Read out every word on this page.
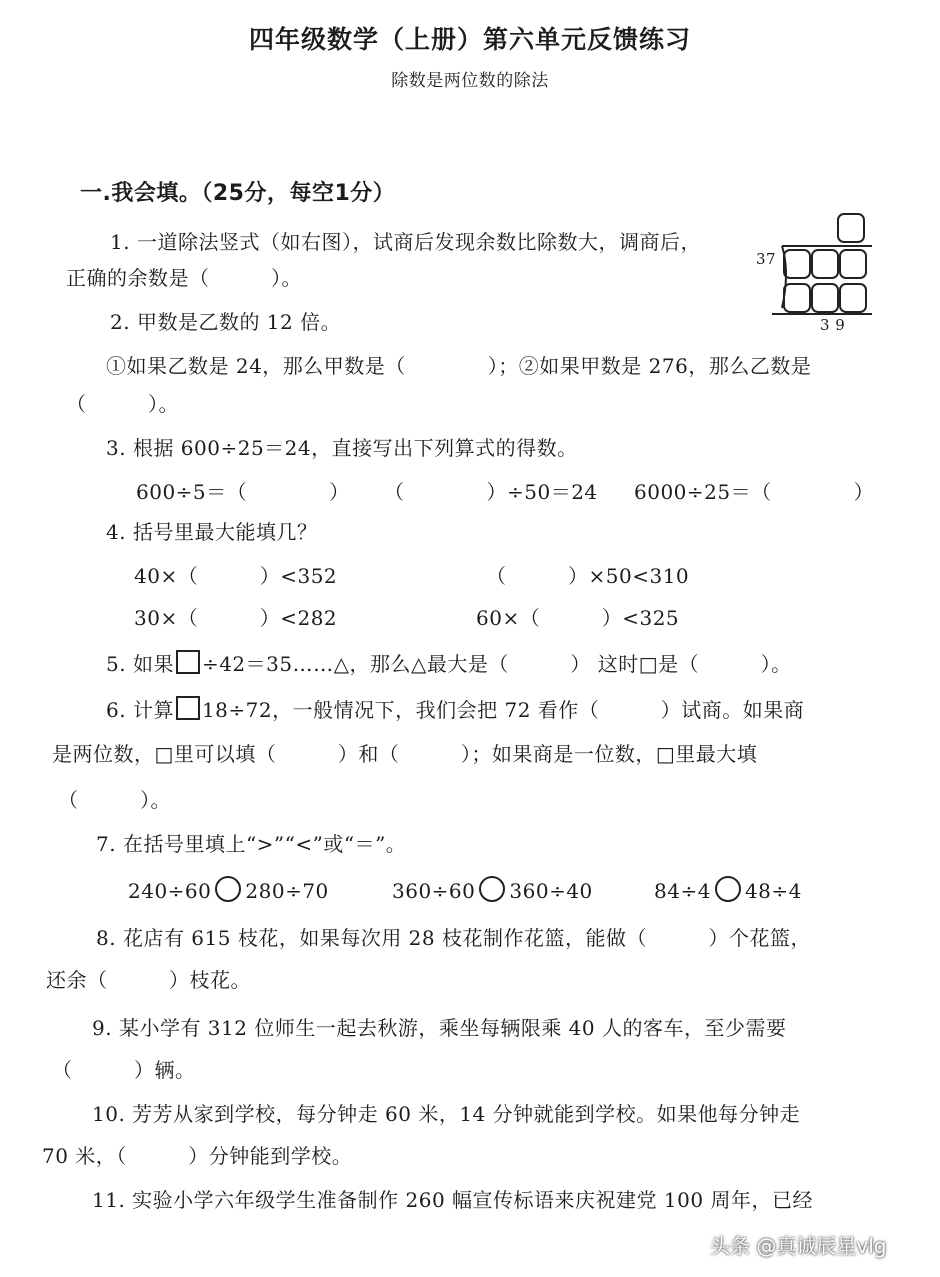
四年级数学（上册）第六单元反馈练习
除数是两位数的除法
一.我会填。（25分，每空1分）
1. 一道除法竖式（如右图），试商后发现余数比除数大，调商后，
正确的余数是（　　　）。
37
3 9
2. 甲数是乙数的 12 倍。
①如果乙数是 24，那么甲数是（　　　　）；②如果甲数是 276，那么乙数是
（　　　）。
3. 根据 600÷25＝24，直接写出下列算式的得数。
600÷5＝（　　　　） （　　　　）÷50＝24 6000÷25＝（　　　　）
4. 括号里最大能填几？
40×（　　　）<352	（　　　）×50<310
30×（　　　）<282	60×（　　　）<325
5. 如果 ÷42＝35……△，那么△最大是（　　　） 这时□是（　　　）。
6. 计算 18÷72，一般情况下，我们会把 72 看作（　　　）试商。如果商
是两位数，□里可以填（　　　）和（　　　）；如果商是一位数，□里最大填
（　　　）。
7. 在括号里填上“>”“<”或“＝”。
240÷60 280÷70	360÷60 360÷40	84÷4 48÷4
8. 花店有 615 枝花，如果每次用 28 枝花制作花篮，能做（　　　）个花篮，
还余（　　　）枝花。
9. 某小学有 312 位师生一起去秋游，乘坐每辆限乘 40 人的客车，至少需要
（　　　）辆。
10. 芳芳从家到学校，每分钟走 60 米，14 分钟就能到学校。如果他每分钟走
70 米，（　　　）分钟能到学校。
11. 实验小学六年级学生准备制作 260 幅宣传标语来庆祝建党 100 周年，已经
头条 @真诚辰星vlg
